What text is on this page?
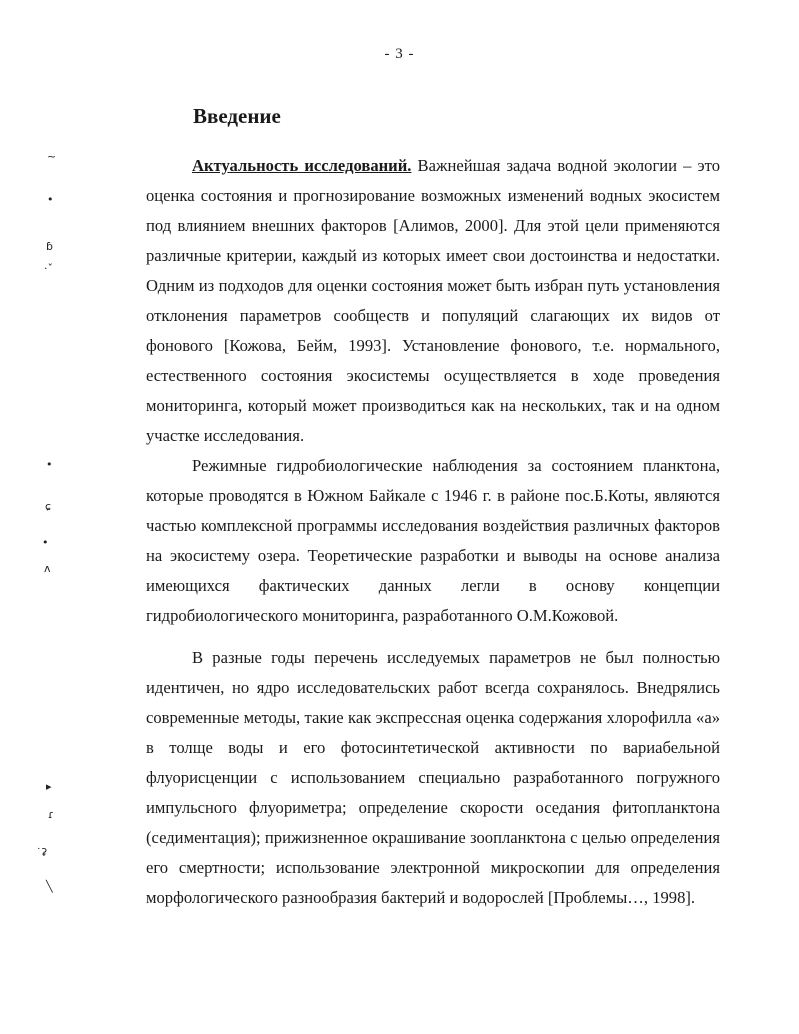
- 3 -
Введение
~
•
ɓ
·ˇ
•
ɕ
•
ʌ
▸
ɾ
˙ʡ
╲

Актуальность исследований. Важнейшая задача водной экологии – это оценка состояния и прогнозирование возможных изменений водных экосистем под влиянием внешних факторов [Алимов, 2000]. Для этой цели применяются различные критерии, каждый из которых имеет свои достоинства и недостатки. Одним из подходов для оценки состояния может быть избран путь установления отклонения параметров сообществ и популяций слагающих их видов от фонового [Кожова, Бейм, 1993]. Установление фонового, т.е. нормального, естественного состояния экосистемы осуществляется в ходе проведения мониторинга, который может производиться как на нескольких, так и на одном участке исследования.

Режимные гидробиологические наблюдения за состоянием планктона, которые проводятся в Южном Байкале с 1946 г. в районе пос.Б.Коты, являются частью комплексной программы исследования воздействия различных факторов на экосистему озера. Теоретические разработки и выводы на основе анализа имеющихся фактических данных легли в основу концепции гидробиологического мониторинга, разработанного О.М.Кожовой.

В разные годы перечень исследуемых параметров не был полностью идентичен, но ядро исследовательских работ всегда сохранялось. Внедрялись современные методы, такие как экспрессная оценка содержания хлорофилла «а» в толще воды и его фотосинтетической активности по вариабельной флуорисценции с использованием специально разработанного погружного импульсного флуориметра; определение скорости оседания фитопланктона (седиментация); прижизненное окрашивание зоопланктона с целью определения его смертности; использование электронной микроскопии для определения морфологического разнообразия бактерий и водорослей [Проблемы…, 1998].
